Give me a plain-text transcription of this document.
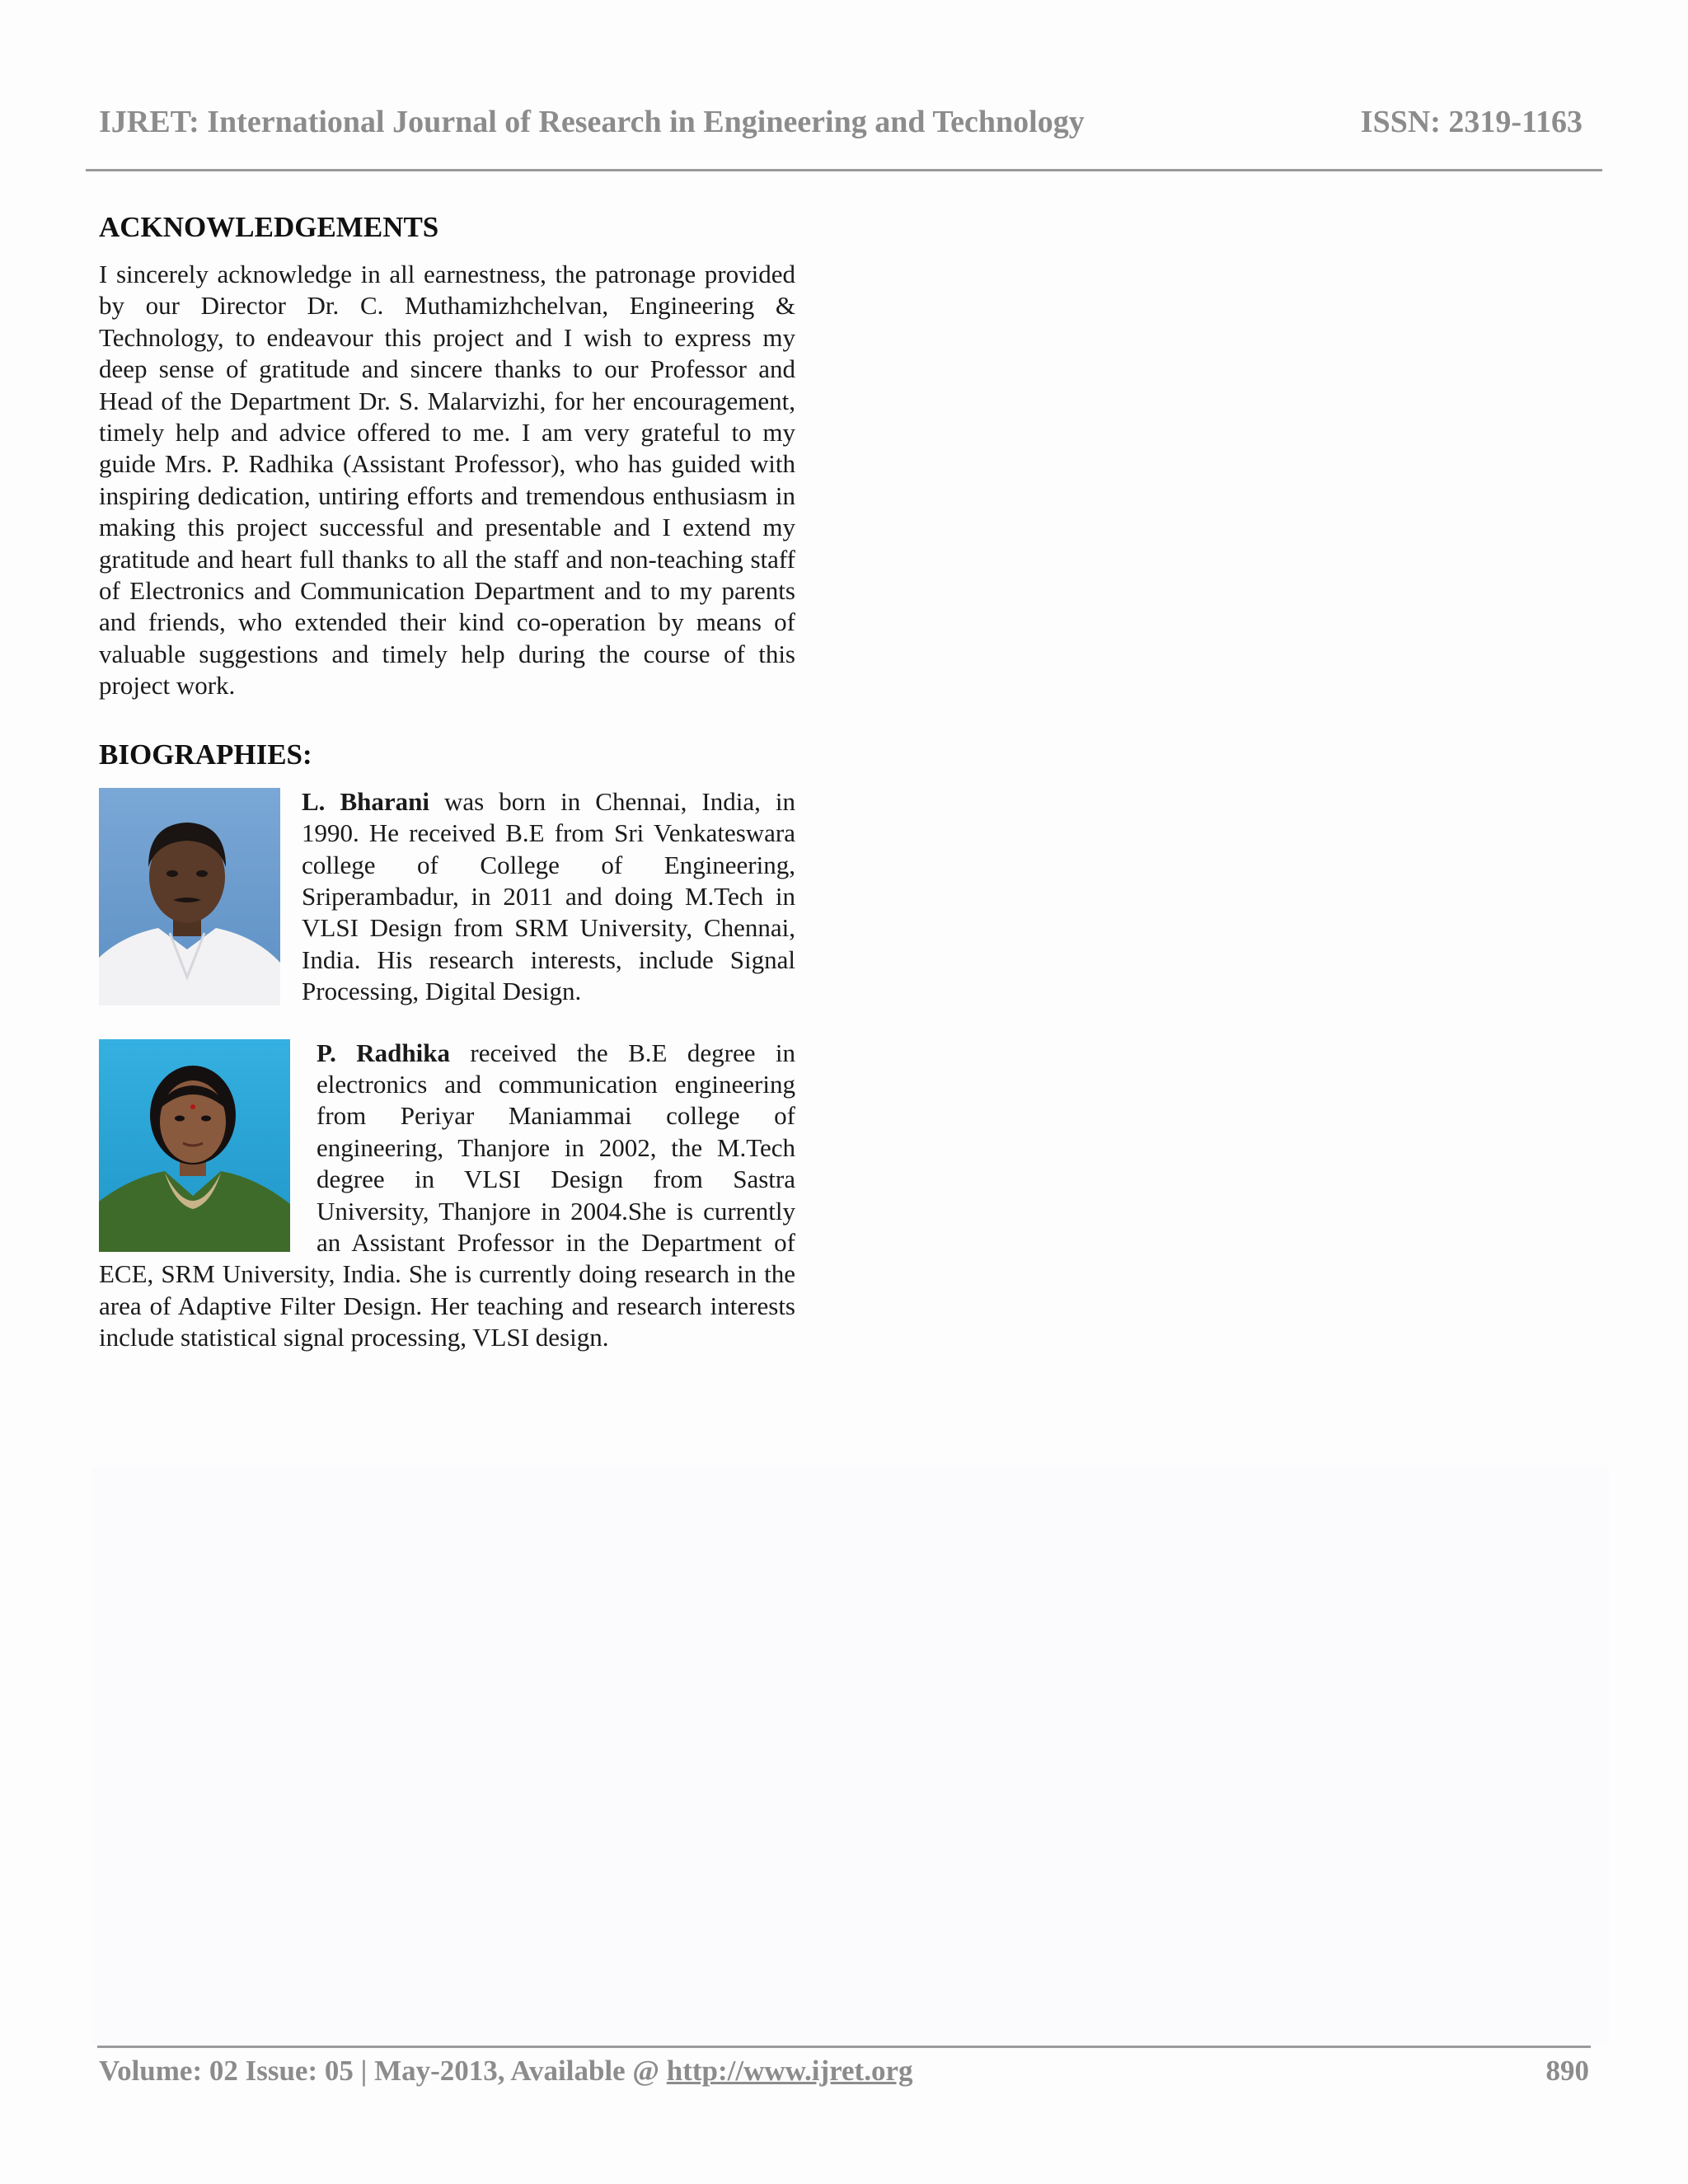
IJRET: International Journal of Research in Engineering and Technology	ISSN: 2319-1163
ACKNOWLEDGEMENTS

I sincerely acknowledge in all earnestness, the patronage provided by our Director Dr. C. Muthamizhchelvan, Engineering & Technology, to endeavour this project and I wish to express my deep sense of gratitude and sincere thanks to our Professor and Head of the Department Dr. S. Malarvizhi, for her encouragement, timely help and advice offered to me. I am very grateful to my guide Mrs. P. Radhika (Assistant Professor), who has guided with inspiring dedication, untiring efforts and tremendous enthusiasm in making this project successful and presentable and I extend my gratitude and heart full thanks to all the staff and non-teaching staff of Electronics and Communication Department and to my parents and friends, who extended their kind co-operation by means of valuable suggestions and timely help during the course of this project work.

BIOGRAPHIES:

L. Bharani was born in Chennai, India, in 1990. He received B.E from Sri Venkateswara college of College of Engineering, Sriperambadur, in 2011 and doing M.Tech in VLSI Design from SRM University, Chennai, India. His research interests, include Signal Processing, Digital Design.

P. Radhika received the B.E degree in electronics and communication engineering from Periyar Maniammai college of engineering, Thanjore in 2002, the M.Tech degree in VLSI Design from Sastra University, Thanjore in 2004.She is currently an Assistant Professor in the Department of ECE, SRM University, India. She is currently doing research in the area of Adaptive Filter Design. Her teaching and research interests include statistical signal processing, VLSI design.

Volume: 02 Issue: 05 | May-2013, Available @ http://www.ijret.org	890
